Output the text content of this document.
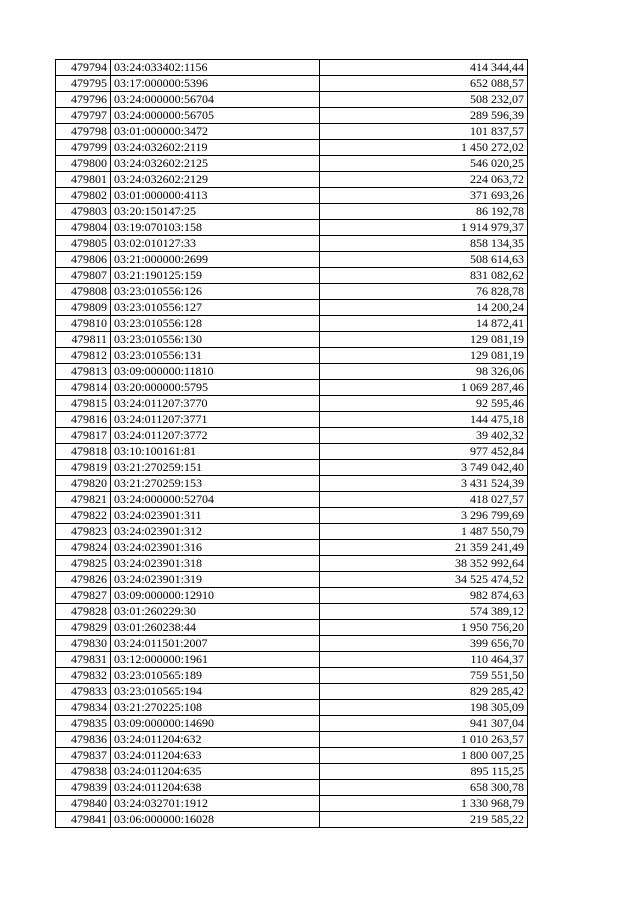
479794	03:24:033402:1156	414 344,44
479795	03:17:000000:5396	652 088,57
479796	03:24:000000:56704	508 232,07
479797	03:24:000000:56705	289 596,39
479798	03:01:000000:3472	101 837,57
479799	03:24:032602:2119	1 450 272,02
479800	03:24:032602:2125	546 020,25
479801	03:24:032602:2129	224 063,72
479802	03:01:000000:4113	371 693,26
479803	03:20:150147:25	86 192,78
479804	03:19:070103:158	1 914 979,37
479805	03:02:010127:33	858 134,35
479806	03:21:000000:2699	508 614,63
479807	03:21:190125:159	831 082,62
479808	03:23:010556:126	76 828,78
479809	03:23:010556:127	14 200,24
479810	03:23:010556:128	14 872,41
479811	03:23:010556:130	129 081,19
479812	03:23:010556:131	129 081,19
479813	03:09:000000:11810	98 326,06
479814	03:20:000000:5795	1 069 287,46
479815	03:24:011207:3770	92 595,46
479816	03:24:011207:3771	144 475,18
479817	03:24:011207:3772	39 402,32
479818	03:10:100161:81	977 452,84
479819	03:21:270259:151	3 749 042,40
479820	03:21:270259:153	3 431 524,39
479821	03:24:000000:52704	418 027,57
479822	03:24:023901:311	3 296 799,69
479823	03:24:023901:312	1 487 550,79
479824	03:24:023901:316	21 359 241,49
479825	03:24:023901:318	38 352 992,64
479826	03:24:023901:319	34 525 474,52
479827	03:09:000000:12910	982 874,63
479828	03:01:260229:30	574 389,12
479829	03:01:260238:44	1 950 756,20
479830	03:24:011501:2007	399 656,70
479831	03:12:000000:1961	110 464,37
479832	03:23:010565:189	759 551,50
479833	03:23:010565:194	829 285,42
479834	03:21:270225:108	198 305,09
479835	03:09:000000:14690	941 307,04
479836	03:24:011204:632	1 010 263,57
479837	03:24:011204:633	1 800 007,25
479838	03:24:011204:635	895 115,25
479839	03:24:011204:638	658 300,78
479840	03:24:032701:1912	1 330 968,79
479841	03:06:000000:16028	219 585,22
